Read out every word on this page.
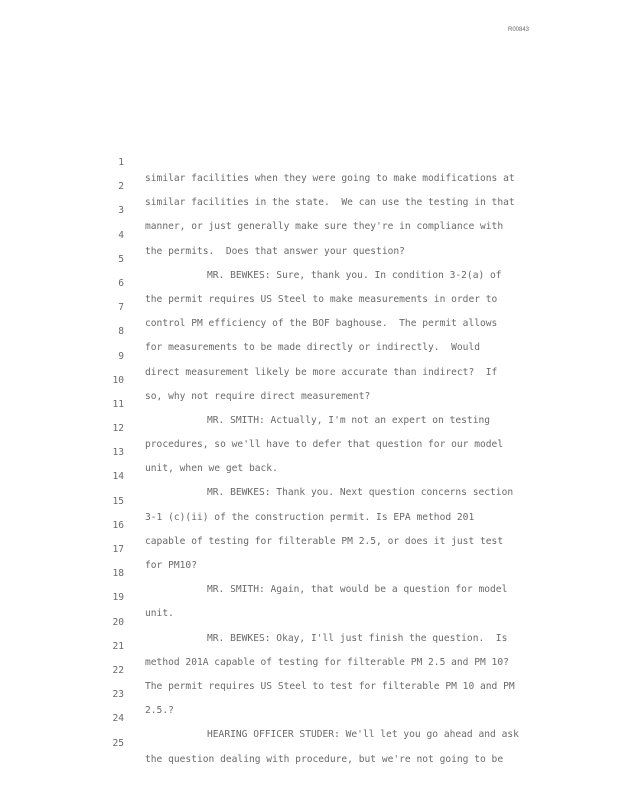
R00843

1

similar facilities when they were going to make modifications at

2

similar facilities in the state.  We can use the testing in that

3

manner, or just generally make sure they're in compliance with

4

the permits.  Does that answer your question?

5

MR. BEWKES: Sure, thank you. In condition 3-2(a) of

6

the permit requires US Steel to make measurements in order to

7

control PM efficiency of the BOF baghouse.  The permit allows

8

for measurements to be made directly or indirectly.  Would

9

direct measurement likely be more accurate than indirect?  If

10

so, why not require direct measurement?

11

MR. SMITH: Actually, I'm not an expert on testing

12

procedures, so we'll have to defer that question for our model

13

unit, when we get back.

14

MR. BEWKES: Thank you. Next question concerns section

15

3-1 (c)(ii) of the construction permit. Is EPA method 201

16

capable of testing for filterable PM 2.5, or does it just test

17

for PM10?

18

MR. SMITH: Again, that would be a question for model

19

unit.

20

MR. BEWKES: Okay, I'll just finish the question.  Is

21

method 201A capable of testing for filterable PM 2.5 and PM 10?

22

The permit requires US Steel to test for filterable PM 10 and PM

23

2.5.?

24

HEARING OFFICER STUDER: We'll let you go ahead and ask

25

the question dealing with procedure, but we're not going to be
